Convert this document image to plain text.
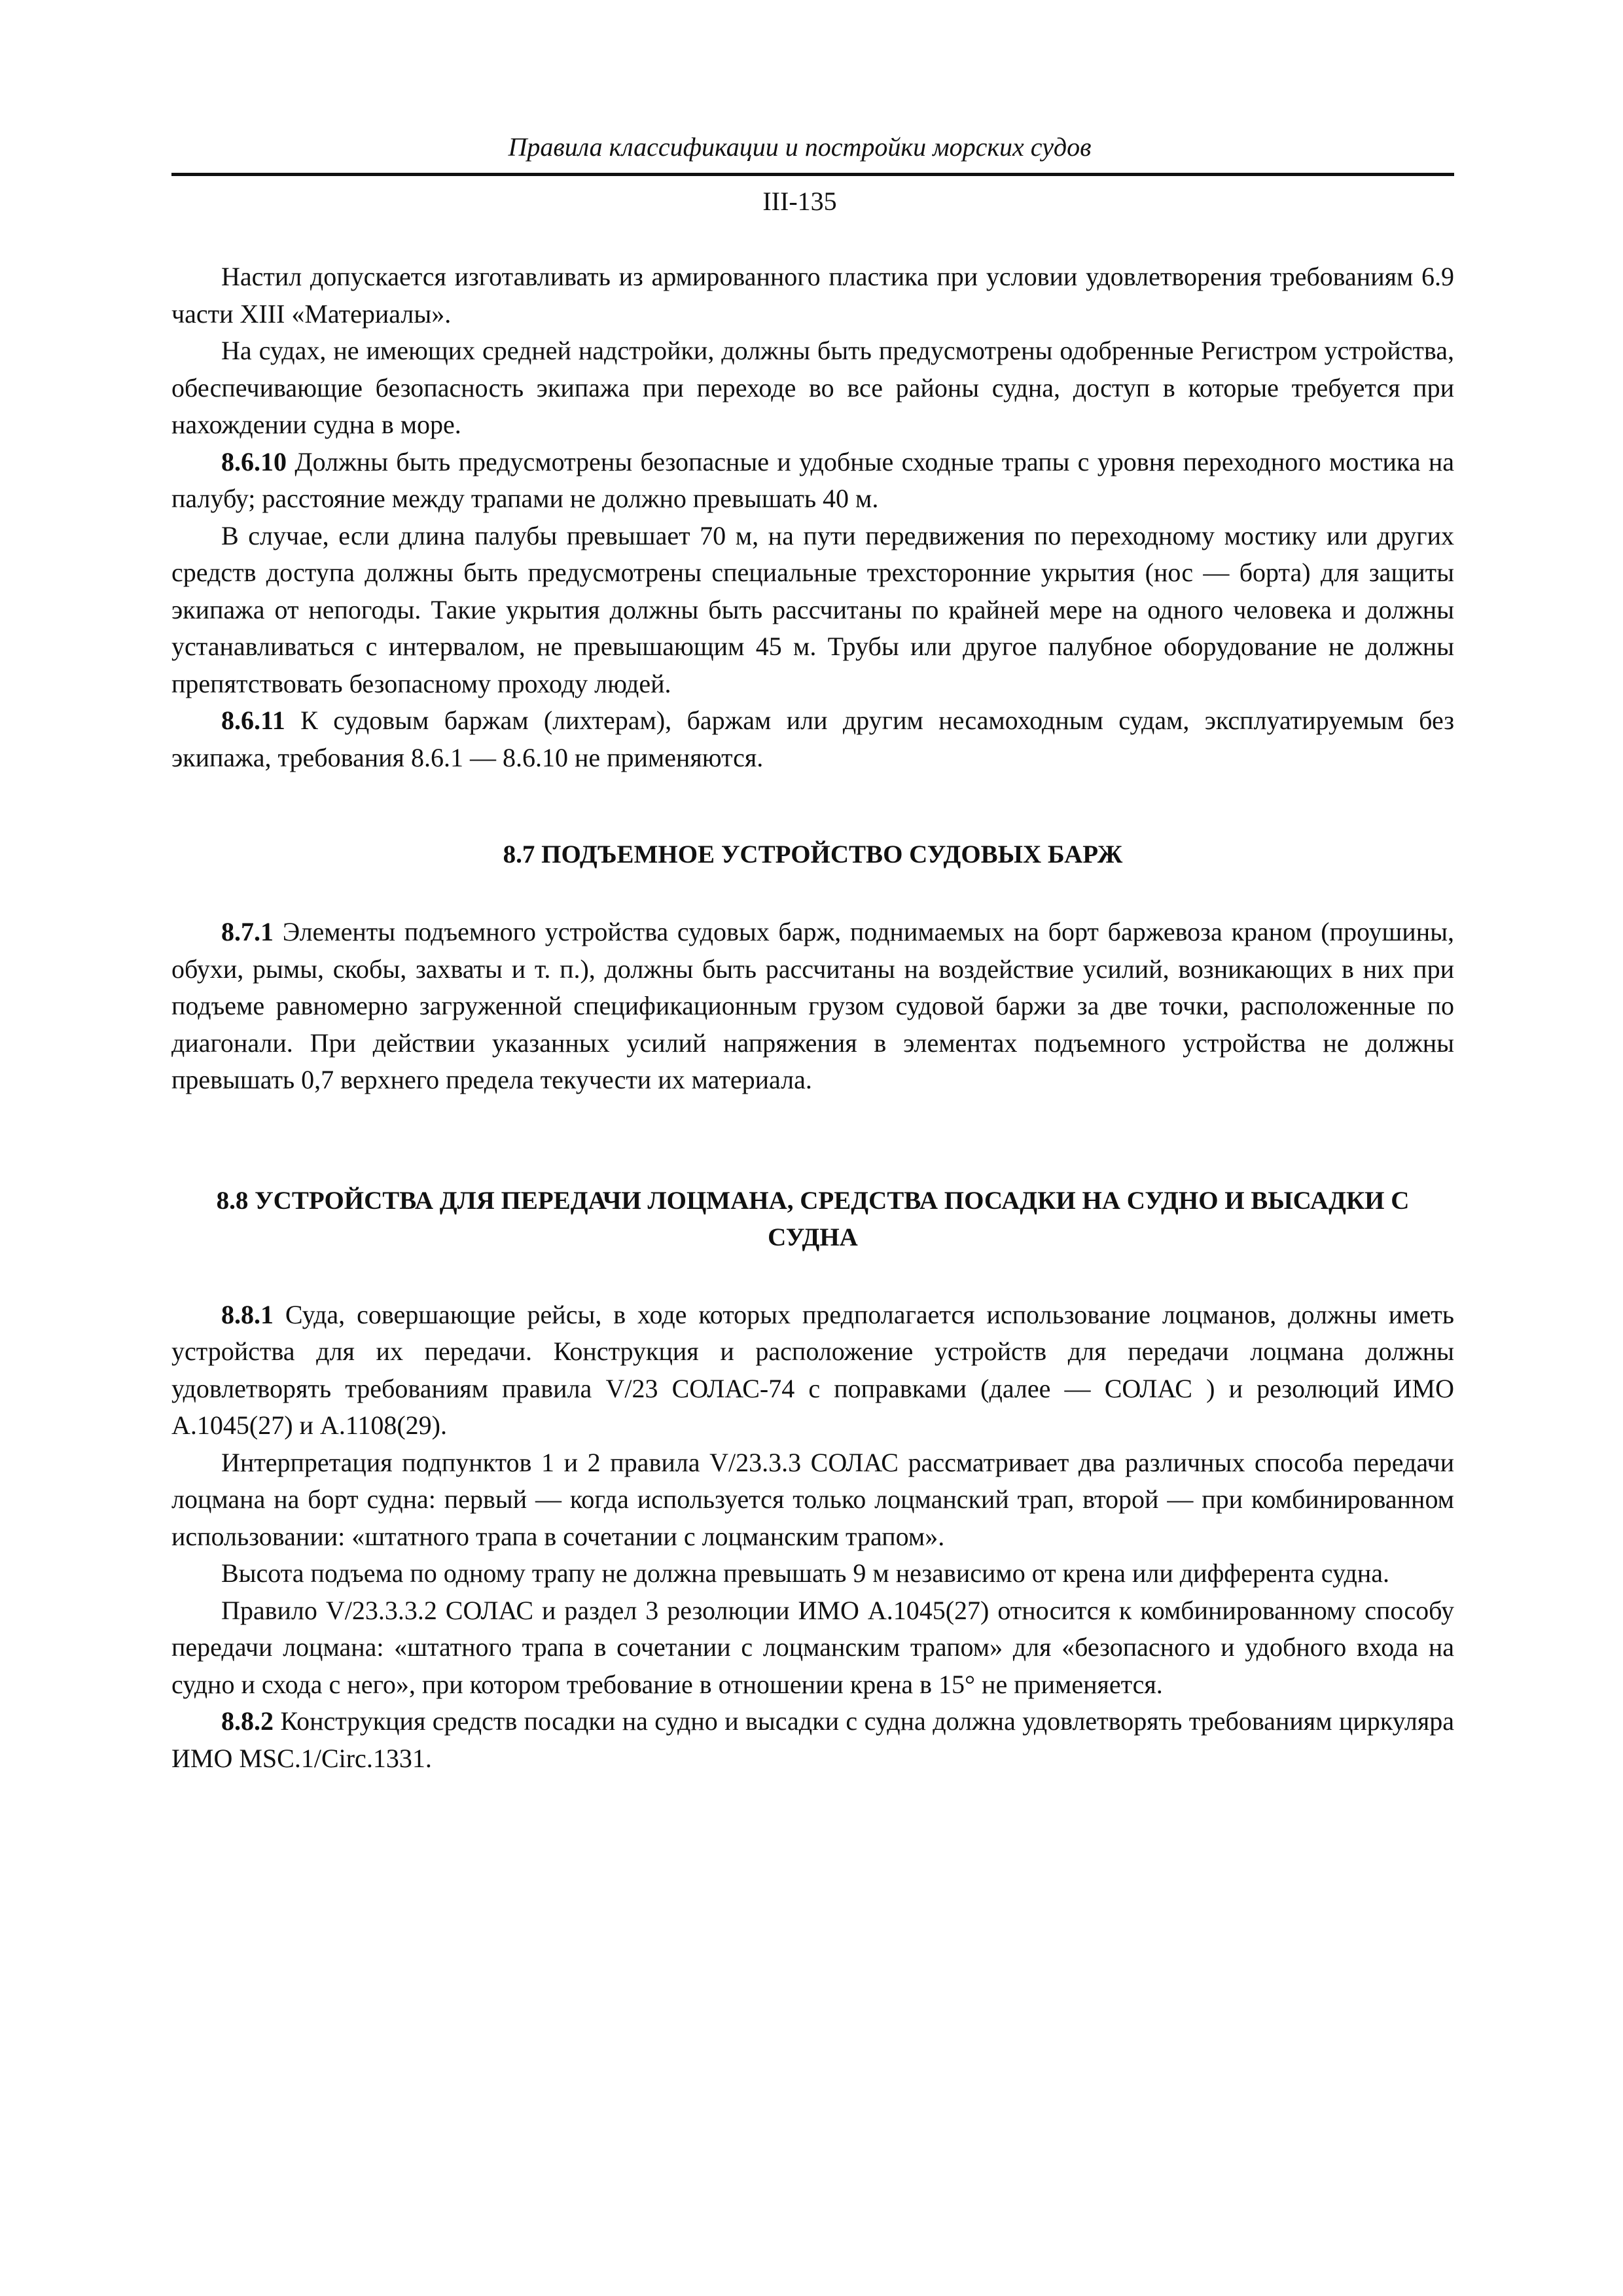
Правила классификации и постройки морских судов
III-135

Настил допускается изготавливать из армированного пластика при условии удовлетворения требованиям 6.9 части XIII «Материалы».

На судах, не имеющих средней надстройки, должны быть предусмотрены одобренные Регистром устройства, обеспечивающие безопасность экипажа при переходе во все районы судна, доступ в которые требуется при нахождении судна в море.

8.6.10 Должны быть предусмотрены безопасные и удобные сходные трапы с уровня переходного мостика на палубу; расстояние между трапами не должно превышать 40 м.

В случае, если длина палубы превышает 70 м, на пути передвижения по переходному мостику или других средств доступа должны быть предусмотрены специальные трехсторонние укрытия (нос — борта) для защиты экипажа от непогоды. Такие укрытия должны быть рассчитаны по крайней мере на одного человека и должны устанавливаться с интервалом, не превышающим 45 м. Трубы или другое палубное оборудование не должны препятствовать безопасному проходу людей.

8.6.11 К судовым баржам (лихтерам), баржам или другим несамоходным судам, эксплуатируемым без экипажа, требования 8.6.1 — 8.6.10 не применяются.

8.7 ПОДЪЕМНОЕ УСТРОЙСТВО СУДОВЫХ БАРЖ

8.7.1 Элементы подъемного устройства судовых барж, поднимаемых на борт баржевоза краном (проушины, обухи, рымы, скобы, захваты и т. п.), должны быть рассчитаны на воздействие усилий, возникающих в них при подъеме равномерно загруженной спецификационным грузом судовой баржи за две точки, расположенные по диагонали. При действии указанных усилий напряжения в элементах подъемного устройства не должны превышать 0,7 верхнего предела текучести их материала.

8.8 УСТРОЙСТВА ДЛЯ ПЕРЕДАЧИ ЛОЦМАНА, СРЕДСТВА ПОСАДКИ НА СУДНО И ВЫСАДКИ С СУДНА

8.8.1 Суда, совершающие рейсы, в ходе которых предполагается использование лоцманов, должны иметь устройства для их передачи. Конструкция и расположение устройств для передачи лоцмана должны удовлетворять требованиям правила V/23 СОЛАС-74 с поправками (далее — СОЛАС ) и резолюций ИМО A.1045(27) и A.1108(29).

Интерпретация подпунктов 1 и 2 правила V/23.3.3 СОЛАС рассматривает два различных способа передачи лоцмана на борт судна: первый — когда используется только лоцманский трап, второй — при комбинированном использовании: «штатного трапа в сочетании с лоцманским трапом».

Высота подъема по одному трапу не должна превышать 9 м независимо от крена или дифферента судна.

Правило V/23.3.3.2 СОЛАС и раздел 3 резолюции ИМО A.1045(27) относится к комбинированному способу передачи лоцмана: «штатного трапа в сочетании с лоцманским трапом» для «безопасного и удобного входа на судно и схода с него», при котором требование в отношении крена в 15° не применяется.

8.8.2 Конструкция средств посадки на судно и высадки с судна должна удовлетворять требованиям циркуляра ИМО MSC.1/Circ.1331.
